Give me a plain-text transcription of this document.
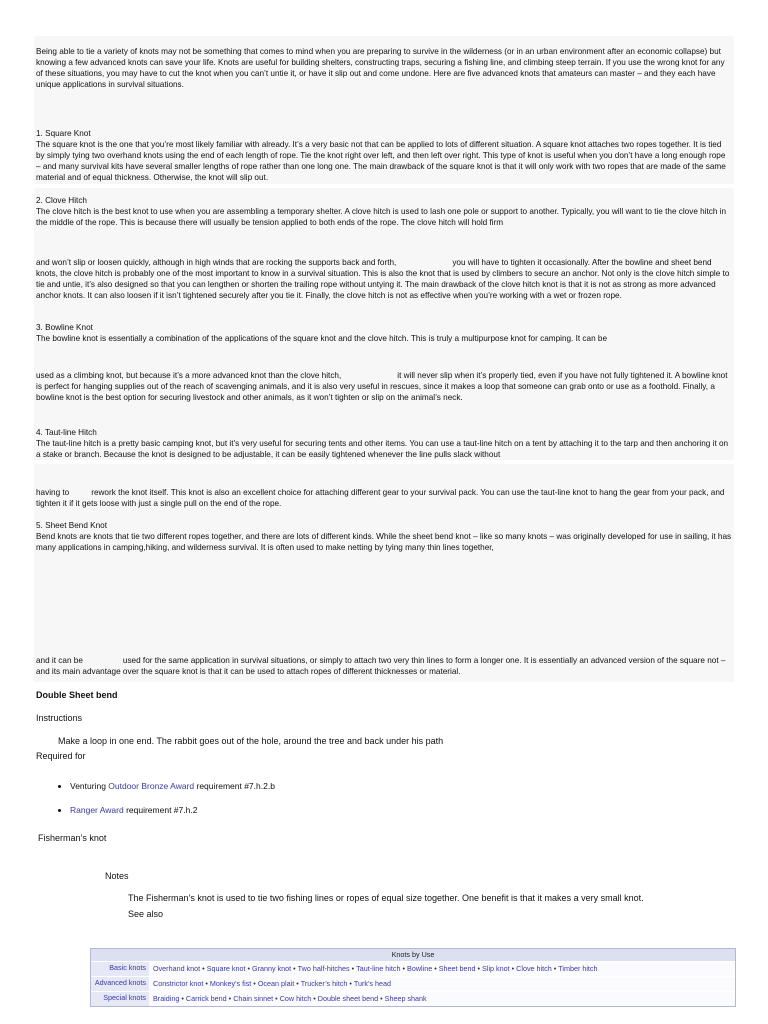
Being able to tie a variety of knots may not be something that comes to mind when you are preparing to survive in the wilderness (or in an urban environment after an economic collapse) but knowing a few advanced knots can save your life. Knots are useful for building shelters, constructing traps, securing a fishing line, and climbing steep terrain. If you use the wrong knot for any of these situations, you may have to cut the knot when you can’t untie it, or have it slip out and come undone. Here are five advanced knots that amateurs can master – and they each have unique applications in survival situations.

1. Square Knot
The square knot is the one that you’re most likely familiar with already. It’s a very basic not that can be applied to lots of different situation. A square knot attaches two ropes together. It is tied by simply tying two overhand knots using the end of each length of rope. Tie the knot right over left, and then left over right. This type of knot is useful when you don’t have a long enough rope – and many survival kits have several smaller lengths of rope rather than one long one. The main drawback of the square knot is that it will only work with two ropes that are made of the same material and of equal thickness. Otherwise, the knot will slip out.
2. Clove Hitch
The clove hitch is the best knot to use when you are assembling a temporary shelter. A clove hitch is used to lash one pole or support to another. Typically, you will want to tie the clove hitch in the middle of the rope. This is because there will usually be tension applied to both ends of the rope. The clove hitch will hold firm

and won’t slip or loosen quickly, although in high winds that are rocking the supports back and forth,	you will have to tighten it occasionally. After the bowline and sheet bend knots, the clove hitch is probably one of the most important to know in a survival situation. This is also the knot that is used by climbers to secure an anchor. Not only is the clove hitch simple to tie and untie, it’s also designed so that you can lengthen or shorten the trailing rope without untying it. The main drawback of the clove hitch knot is that it is not as strong as more advanced anchor knots. It can also loosen if it isn’t tightened securely after you tie it. Finally, the clove hitch is not as effective when you’re working with a wet or frozen rope.

3. Bowline Knot
The bowline knot is essentially a combination of the applications of the square knot and the clove hitch. This is truly a multipurpose knot for camping. It can be

used as a climbing knot, but because it’s a more advanced knot than the clove hitch,	it will never slip when it’s properly tied, even if you have not fully tightened it. A bowline knot is perfect for hanging supplies out of the reach of scavenging animals, and it is also very useful in rescues, since it makes a loop that someone can grab onto or use as a foothold. Finally, a bowline knot is the best option for securing livestock and other animals, as it won’t tighten or slip on the animal’s neck.

4. Taut-line Hitch
The taut-line hitch is a pretty basic camping knot, but it’s very useful for securing tents and other items. You can use a taut-line hitch on a tent by attaching it to the tarp and then anchoring it on a stake or branch. Because the knot is designed to be adjustable, it can be easily tightened whenever the line pulls slack without

having to	rework the knot itself. This knot is also an excellent choice for attaching different gear to your survival pack. You can use the taut-line knot to hang the gear from your pack, and tighten it if it gets loose with just a single pull on the end of the rope.

5. Sheet Bend Knot
Bend knots are knots that tie two different ropes together, and there are lots of different kinds. While the sheet bend knot – like so many knots – was originally developed for use in sailing, it has many applications in camping,hiking, and wilderness survival. It is often used to make netting by tying many thin lines together,

and it can be	used for the same application in survival situations, or simply to attach two very thin lines to form a longer one. It is essentially an advanced version of the square not – and its main advantage over the square knot is that it can be used to attach ropes of different thicknesses or material.

Double Sheet bend
Instructions
Make a loop in one end. The rabbit goes out of the hole, around the tree and back under his path
Required for
• Venturing Outdoor Bronze Award requirement #7.h.2.b
• Ranger Award requirement #7.h.2
Fisherman’s knot
Notes
The Fisherman’s knot is used to tie two fishing lines or ropes of equal size together. One benefit is that it makes a very small knot.
See also
Knots by Use
Basic knots Overhand knot • Square knot • Granny knot • Two half-hitches • Taut-line hitch • Bowline • Sheet bend • Slip knot • Clove hitch • Timber hitch
Advanced knots Constrictor knot • Monkey’s fist • Ocean plait • Trucker’s hitch • Turk’s head
Special knots Braiding • Carrick bend • Chain sinnet • Cow hitch • Double sheet bend • Sheep shank
